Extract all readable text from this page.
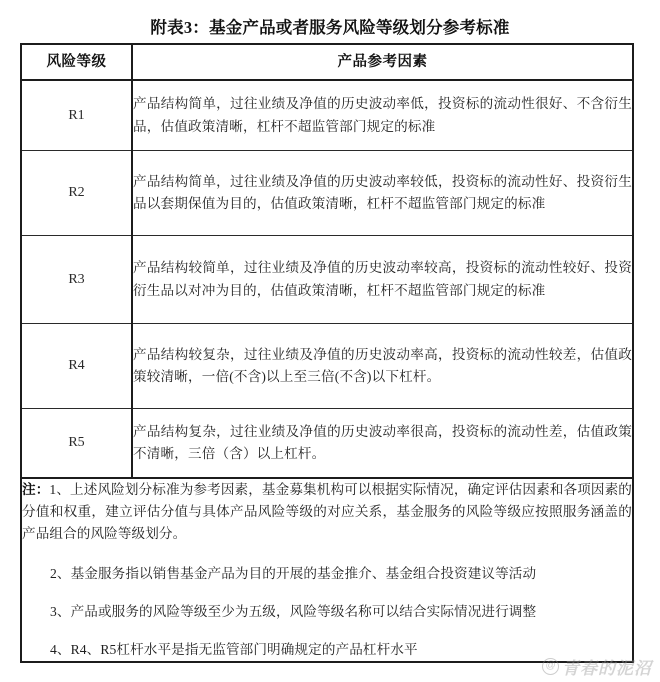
附表3：基金产品或者服务风险等级划分参考标准
风险等级	产品参考因素
R1	产品结构简单，过往业绩及净值的历史波动率低，投资标的流动性很好、不含衍生品，估值政策清晰，杠杆不超监管部门规定的标准
R2	产品结构简单，过往业绩及净值的历史波动率较低，投资标的流动性好、投资衍生品以套期保值为目的，估值政策清晰，杠杆不超监管部门规定的标准
R3	产品结构较简单，过往业绩及净值的历史波动率较高，投资标的流动性较好、投资衍生品以对冲为目的，估值政策清晰，杠杆不超监管部门规定的标准
R4	产品结构较复杂，过往业绩及净值的历史波动率高，投资标的流动性较差，估值政策较清晰，一倍(不含)以上至三倍(不含)以下杠杆。
R5	产品结构复杂，过往业绩及净值的历史波动率很高，投资标的流动性差，估值政策不清晰，三倍（含）以上杠杆。

注：1、上述风险划分标准为参考因素，基金募集机构可以根据实际情况，确定评估因素和各项因素的分值和权重，建立评估分值与具体产品风险等级的对应关系，基金服务的风险等级应按照服务涵盖的产品组合的风险等级划分。

2、基金服务指以销售基金产品为目的开展的基金推介、基金组合投资建议等活动

3、产品或服务的风险等级至少为五级，风险等级名称可以结合实际情况进行调整

4、R4、R5杠杆水平是指无监管部门明确规定的产品杠杆水平	

@ 青春的泥沼
